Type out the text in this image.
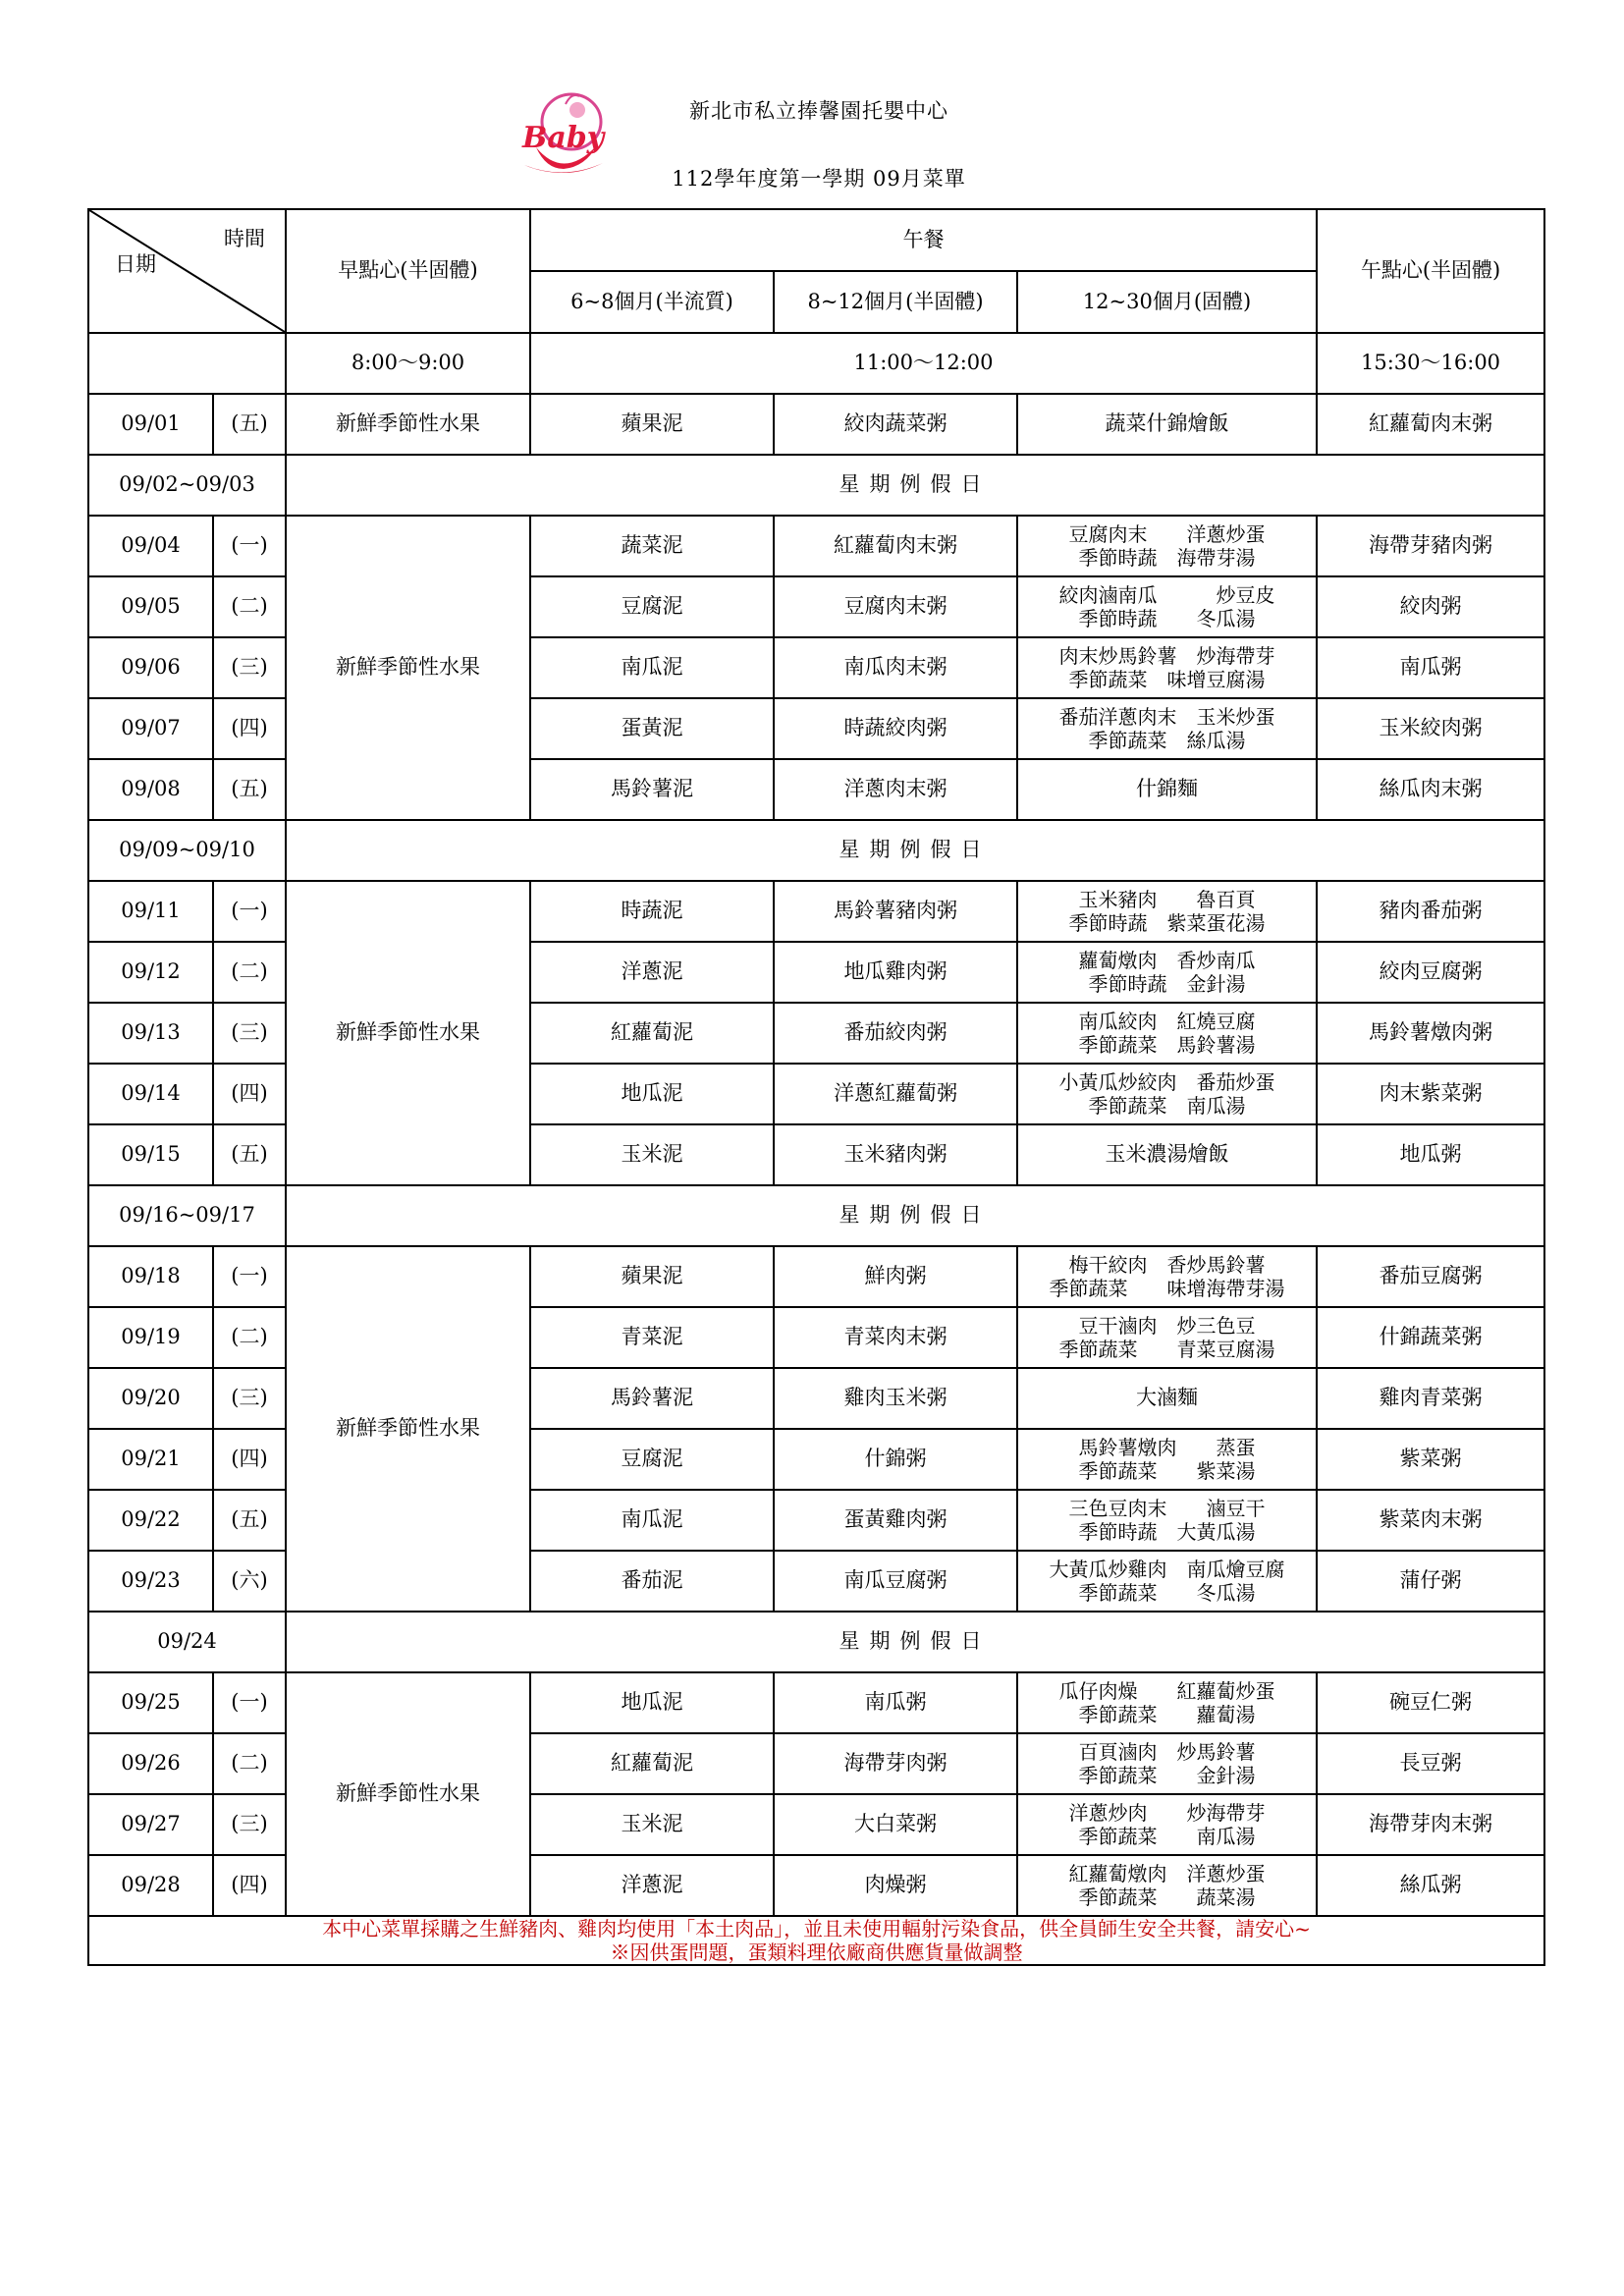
Baby
新北市私立捧馨園托嬰中心
112學年度第一學期 09月菜單
日期
時間		早點心(半固體)	午餐			午點心(半固體)
			6~8個月(半流質)	8~12個月(半固體)	12~30個月(固體)	
		8:00～9:00	11:00～12:00			15:30～16:00
09/01	(五)	新鮮季節性水果	蘋果泥	絞肉蔬菜粥	蔬菜什錦燴飯	紅蘿蔔肉末粥
09/02~09/03		星期例假日				
09/04	(一)	新鮮季節性水果	蔬菜泥	紅蘿蔔肉末粥	豆腐肉末　　洋蔥炒蛋
季節時蔬　海帶芽湯	海帶芽豬肉粥
09/05	(二)		豆腐泥	豆腐肉末粥	絞肉滷南瓜　　　炒豆皮
季節時蔬　　冬瓜湯	絞肉粥
09/06	(三)		南瓜泥	南瓜肉末粥	肉末炒馬鈴薯　炒海帶芽
季節蔬菜　味增豆腐湯	南瓜粥
09/07	(四)		蛋黃泥	時蔬絞肉粥	番茄洋蔥肉末　玉米炒蛋
季節蔬菜　絲瓜湯	玉米絞肉粥
09/08	(五)		馬鈴薯泥	洋蔥肉末粥	什錦麵	絲瓜肉末粥
09/09~09/10		星期例假日				
09/11	(一)	新鮮季節性水果	時蔬泥	馬鈴薯豬肉粥	玉米豬肉　　魯百頁
季節時蔬　紫菜蛋花湯	豬肉番茄粥
09/12	(二)		洋蔥泥	地瓜雞肉粥	蘿蔔燉肉　香炒南瓜
季節時蔬　金針湯	絞肉豆腐粥
09/13	(三)		紅蘿蔔泥	番茄絞肉粥	南瓜絞肉　紅燒豆腐
季節蔬菜　馬鈴薯湯	馬鈴薯燉肉粥
09/14	(四)		地瓜泥	洋蔥紅蘿蔔粥	小黃瓜炒絞肉　番茄炒蛋
季節蔬菜　南瓜湯	肉末紫菜粥
09/15	(五)		玉米泥	玉米豬肉粥	玉米濃湯燴飯	地瓜粥
09/16~09/17		星期例假日				
09/18	(一)	新鮮季節性水果	蘋果泥	鮮肉粥	梅干絞肉　香炒馬鈴薯
季節蔬菜　　味增海帶芽湯	番茄豆腐粥
09/19	(二)		青菜泥	青菜肉末粥	豆干滷肉　炒三色豆
季節蔬菜　　青菜豆腐湯	什錦蔬菜粥
09/20	(三)		馬鈴薯泥	雞肉玉米粥	大滷麵	雞肉青菜粥
09/21	(四)		豆腐泥	什錦粥	馬鈴薯燉肉　　蒸蛋
季節蔬菜　　紫菜湯	紫菜粥
09/22	(五)		南瓜泥	蛋黃雞肉粥	三色豆肉末　　滷豆干
季節時蔬　大黃瓜湯	紫菜肉末粥
09/23	(六)		番茄泥	南瓜豆腐粥	大黃瓜炒雞肉　南瓜燴豆腐
季節蔬菜　　冬瓜湯	蒲仔粥
09/24		星期例假日				
09/25	(一)	新鮮季節性水果	地瓜泥	南瓜粥	瓜仔肉燥　　紅蘿蔔炒蛋
季節蔬菜　　蘿蔔湯	碗豆仁粥
09/26	(二)		紅蘿蔔泥	海帶芽肉粥	百頁滷肉　炒馬鈴薯
季節蔬菜　　金針湯	長豆粥
09/27	(三)		玉米泥	大白菜粥	洋蔥炒肉　　炒海帶芽
季節蔬菜　　南瓜湯	海帶芽肉末粥
09/28	(四)		洋蔥泥	肉燥粥	紅蘿蔔燉肉　洋蔥炒蛋
季節蔬菜　　蔬菜湯	絲瓜粥

本中心菜單採購之生鮮豬肉、雞肉均使用「本土肉品」，並且未使用輻射污染食品，供全員師生安全共餐，請安心~
※因供蛋問題，蛋類料理依廠商供應貨量做調整						
